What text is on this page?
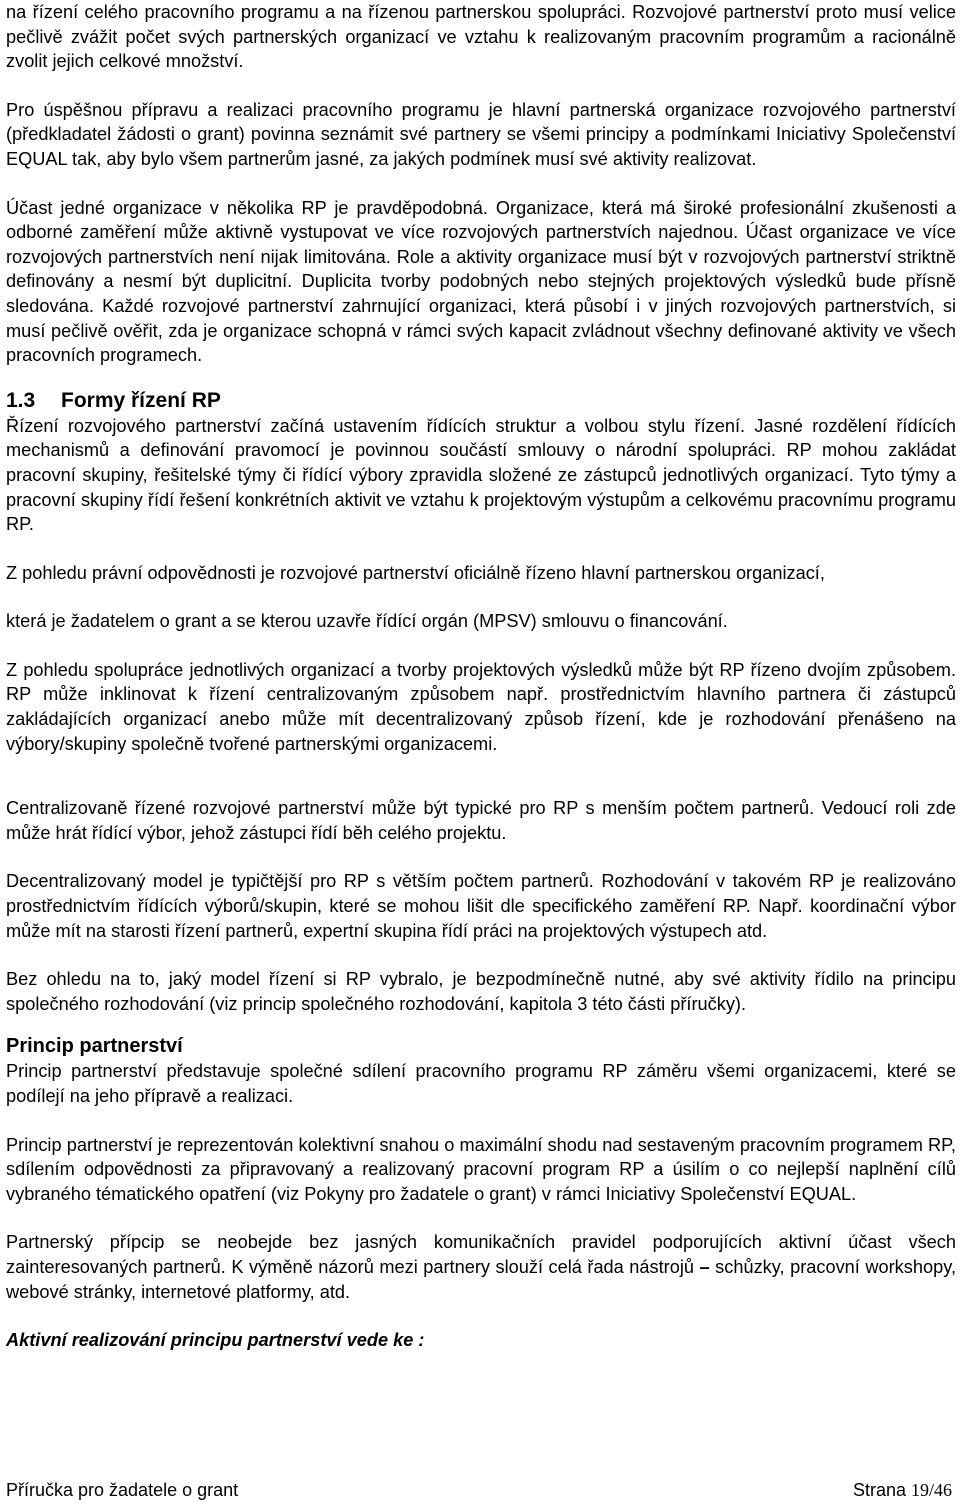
na řízení celého pracovního programu a na řízenou partnerskou spolupráci. Rozvojové partnerství proto musí velice pečlivě zvážit počet svých partnerských organizací ve vztahu k realizovaným pracovním programům a racionálně zvolit jejich celkové množství.

Pro úspěšnou přípravu a realizaci pracovního programu je hlavní partnerská organizace rozvojového partnerství (předkladatel žádosti o grant) povinna seznámit své partnery se všemi principy a podmínkami Iniciativy Společenství EQUAL tak, aby bylo všem partnerům jasné, za jakých podmínek musí své aktivity realizovat.

Účast jedné organizace v několika RP je pravděpodobná. Organizace, která má široké profesionální zkušenosti a odborné zaměření může aktivně vystupovat ve více rozvojových partnerstvích najednou. Účast organizace ve více rozvojových partnerstvích není nijak limitována. Role a aktivity organizace musí být v rozvojových partnerství striktně definovány a nesmí být duplicitní. Duplicita tvorby podobných nebo stejných projektových výsledků bude přísně sledována. Každé rozvojové partnerství zahrnující organizaci, která působí i v jiných rozvojových partnerstvích, si musí pečlivě ověřit, zda je organizace schopná v rámci svých kapacit zvládnout všechny definované aktivity ve všech pracovních programech.

1.3 Formy řízení RP

Řízení rozvojového partnerství začíná ustavením řídících struktur a volbou stylu řízení. Jasné rozdělení řídících mechanismů a definování pravomocí je povinnou součástí smlouvy o národní spolupráci. RP mohou zakládat pracovní skupiny, řešitelské týmy či řídící výbory zpravidla složené ze zástupců jednotlivých organizací. Tyto týmy a pracovní skupiny řídí řešení konkrétních aktivit ve vztahu k projektovým výstupům a celkovému pracovnímu programu RP.

Z pohledu právní odpovědnosti je rozvojové partnerství oficiálně řízeno hlavní partnerskou organizací,

která je žadatelem o grant a se kterou uzavře řídící orgán (MPSV) smlouvu o financování.

Z pohledu spolupráce jednotlivých organizací a tvorby projektových výsledků může být RP řízeno dvojím způsobem. RP může inklinovat k řízení centralizovaným způsobem např. prostřednictvím hlavního partnera či zástupců zakládajících organizací anebo může mít decentralizovaný způsob řízení, kde je rozhodování přenášeno na výbory/skupiny společně tvořené partnerskými organizacemi.

Centralizovaně řízené rozvojové partnerství může být typické pro RP s menším počtem partnerů. Vedoucí roli zde může hrát řídící výbor, jehož zástupci řídí běh celého projektu.

Decentralizovaný model je typičtější pro RP s větším počtem partnerů. Rozhodování v takovém RP je realizováno prostřednictvím řídících výborů/skupin, které se mohou lišit dle specifického zaměření RP. Např. koordinační výbor může mít na starosti řízení partnerů, expertní skupina řídí práci na projektových výstupech atd.

Bez ohledu na to, jaký model řízení si RP vybralo, je bezpodmínečně nutné, aby své aktivity řídilo na principu společného rozhodování (viz princip společného rozhodování, kapitola 3 této části příručky).

Princip partnerství

Princip partnerství představuje společné sdílení pracovního programu RP záměru všemi organizacemi, které se podílejí na jeho přípravě a realizaci.

Princip partnerství je reprezentován kolektivní snahou o maximální shodu nad sestaveným pracovním programem RP, sdílením odpovědnosti za připravovaný a realizovaný pracovní program RP a úsilím o co nejlepší naplnění cílů vybraného tématického opatření (viz Pokyny pro žadatele o grant) v rámci Iniciativy Společenství EQUAL.

Partnerský přípcip se neobejde bez jasných komunikačních pravidel podporujících aktivní účast všech zainteresovaných partnerů. K výměně názorů mezi partnery slouží celá řada nástrojů – schůzky, pracovní workshopy, webové stránky, internetové platformy, atd.

Aktivní realizování principu partnerství vede ke :

Příručka pro žadatele o grant	Strana 19/46
